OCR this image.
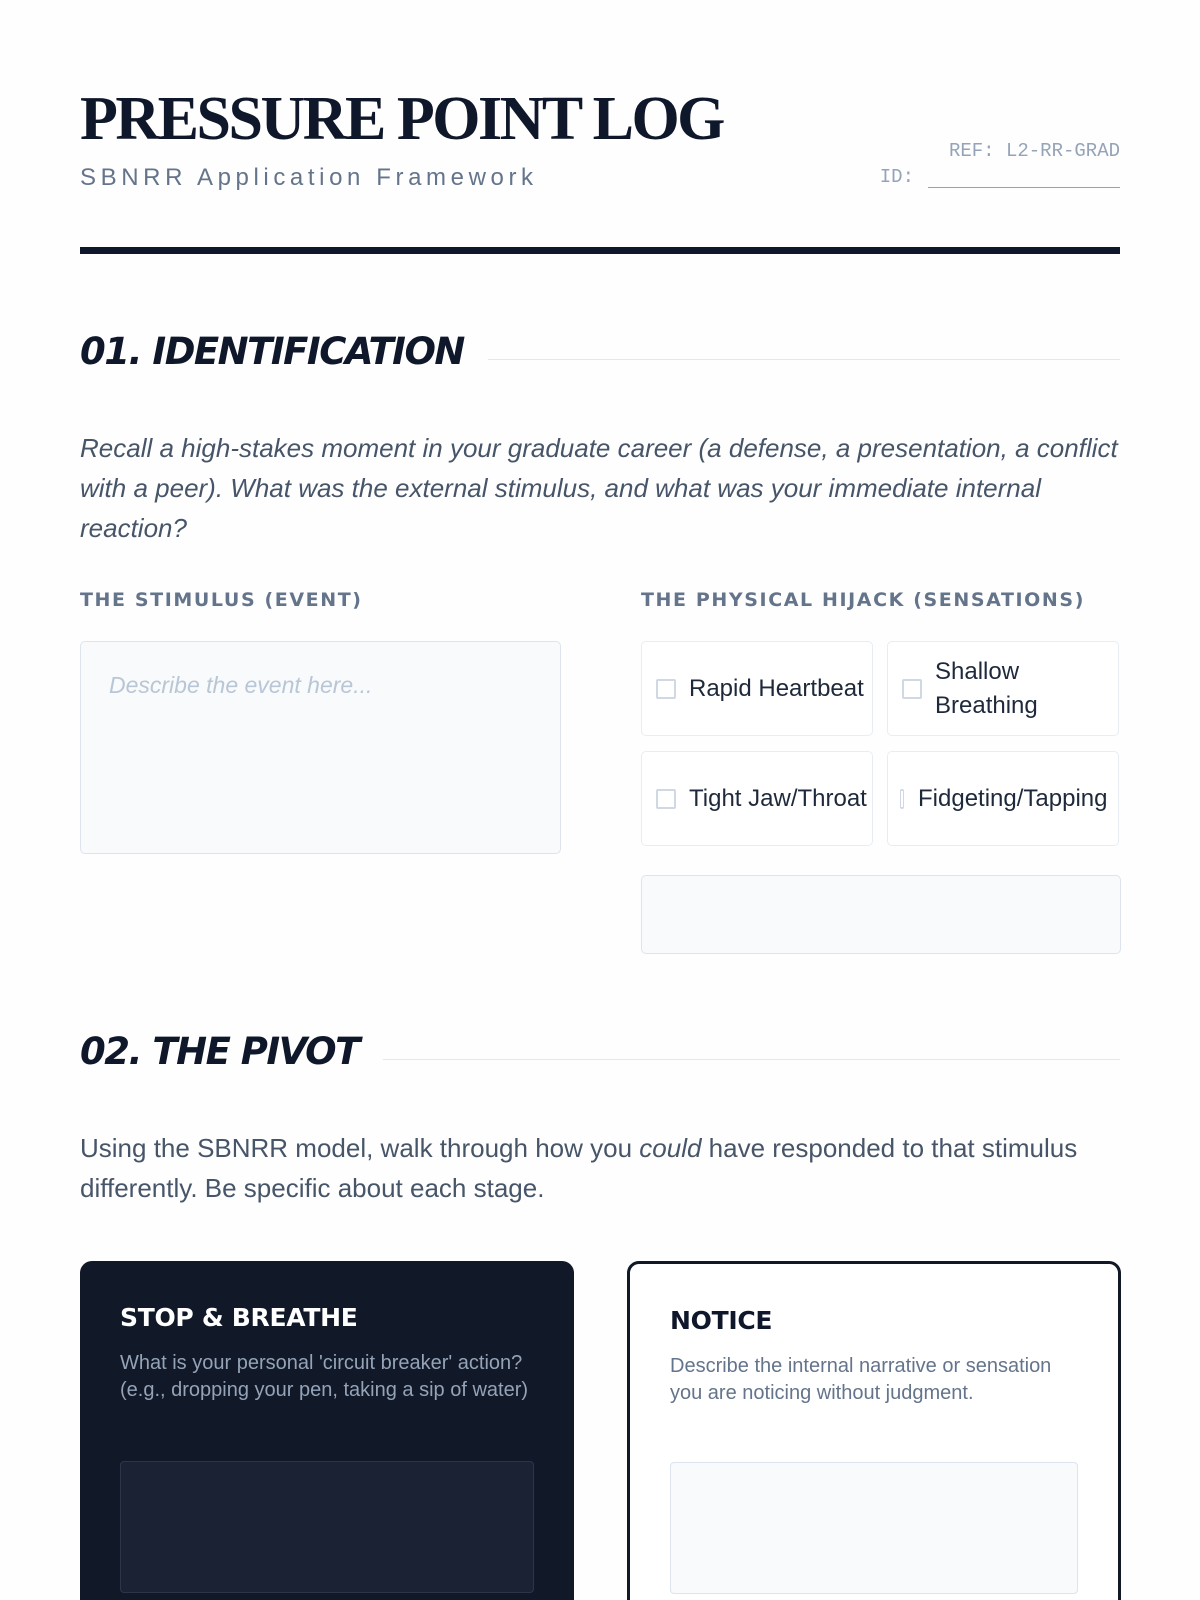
PRESSURE POINT LOG
SBNRR Application Framework
REF: L2-RR-GRAD
ID:
01. IDENTIFICATION
Recall a high-stakes moment in your graduate career (a defense, a presentation, a conflict with a peer). What was the external stimulus, and what was your immediate internal reaction?
THE STIMULUS (EVENT)	THE PHYSICAL HIJACK (SENSATIONS)
Describe the event here...
Rapid Heartbeat
Shallow Breathing
Tight Jaw/Throat Fidgeting/Tapping
02. THE PIVOT
Using the SBNRR model, walk through how you could have responded to that stimulus differently. Be specific about each stage.
STOP & BREATHE
What is your personal 'circuit breaker' action? (e.g., dropping your pen, taking a sip of water)
NOTICE
Describe the internal narrative or sensation you are noticing without judgment.
